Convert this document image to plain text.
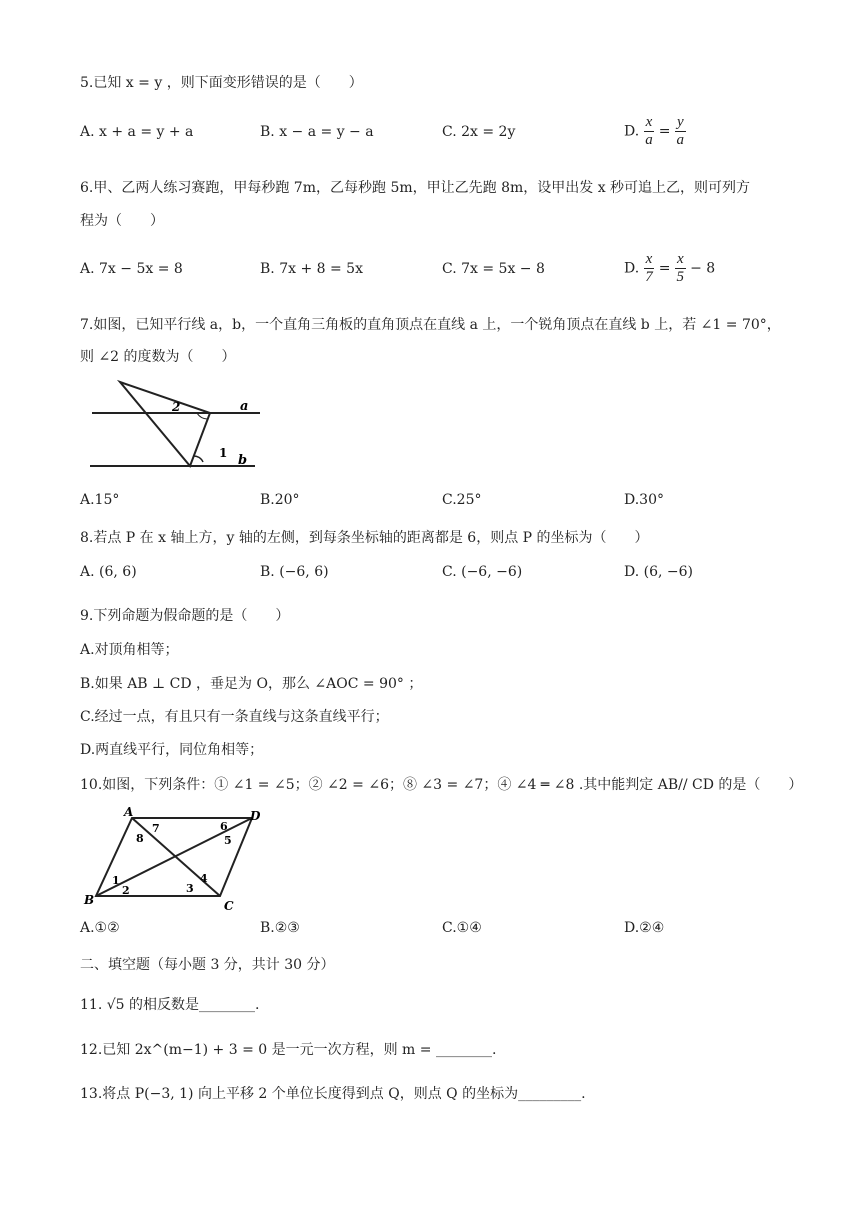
5.已知 x = y ，则下面变形错误的是（　　）
A. x + a = y + a	B. x − a = y − a	C. 2x = 2y	D. $\frac{x}{a} = \frac{y}{a}$
6.甲、乙两人练习赛跑，甲每秒跑 7m，乙每秒跑 5m，甲让乙先跑 8m，设甲出发 x 秒可追上乙，则可列方
程为（　　）
A. 7x − 5x = 8	B. 7x + 8 = 5x	C. 7x = 5x − 8	D. $\frac{x}{7} = \frac{x}{5} - 8$
7.如图，已知平行线 a，b，一个直角三角板的直角顶点在直线 a 上，一个锐角顶点在直线 b 上，若 ∠1 = 70°，
则 ∠2 的度数为（　　）
2
1
a
b
A.15°	B.20°	C.25°	D.30°
8.若点 P 在 x 轴上方，y 轴的左侧，到每条坐标轴的距离都是 6，则点 P 的坐标为（　　）
A. (6, 6)	B. (−6, 6)	C. (−6, −6)	D. (6, −6)
9.下列命题为假命题的是（　　）
A.对顶角相等；
B.如果 AB ⊥ CD ，垂足为 O，那么 ∠AOC = 90° ；
C.经过一点，有且只有一条直线与这条直线平行；
D.两直线平行，同位角相等；
10.如图，下列条件：① ∠1 = ∠5；② ∠2 = ∠6；⑧ ∠3 = ∠7；④ ∠4 ═ ∠8 .其中能判定 AB// CD 的是（　　）
A	D
B	C
1
2	3
4
5
6
7
8
A.①②	B.②③	C.①④	D.②④
二、填空题（每小题 3 分，共计 30 分）
11. √5 的相反数是________.
12.已知 2x^(m−1) + 3 = 0 是一元一次方程，则 m = ________.
13.将点 P(−3, 1) 向上平移 2 个单位长度得到点 Q，则点 Q 的坐标为_________.
